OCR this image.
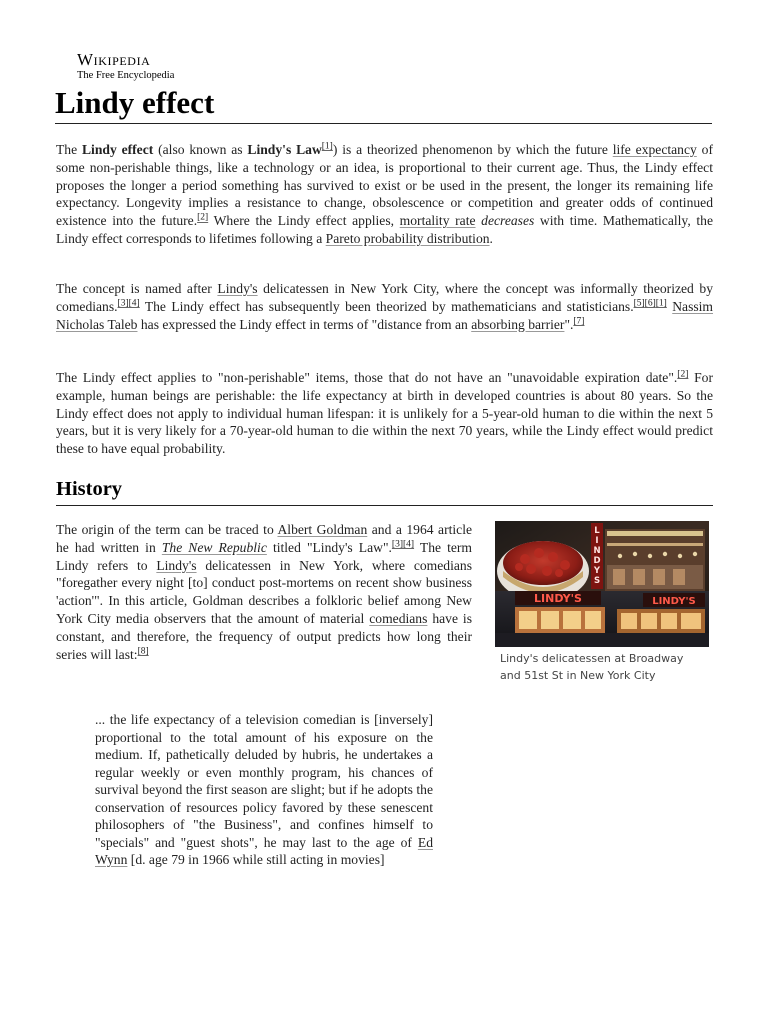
Wikipedia
The Free Encyclopedia
Lindy effect

The Lindy effect (also known as Lindy's Law[1]) is a theorized phenomenon by which the future life expectancy of some non-perishable things, like a technology or an idea, is proportional to their current age. Thus, the Lindy effect proposes the longer a period something has survived to exist or be used in the present, the longer its remaining life expectancy. Longevity implies a resistance to change, obsolescence or competition and greater odds of continued existence into the future.[2] Where the Lindy effect applies, mortality rate decreases with time. Mathematically, the Lindy effect corresponds to lifetimes following a Pareto probability distribution.

The concept is named after Lindy's delicatessen in New York City, where the concept was informally theorized by comedians.[3][4] The Lindy effect has subsequently been theorized by mathematicians and statisticians.[5][6][1] Nassim Nicholas Taleb has expressed the Lindy effect in terms of "distance from an absorbing barrier".[7]

The Lindy effect applies to "non-perishable" items, those that do not have an "unavoidable expiration date".[2] For example, human beings are perishable: the life expectancy at birth in developed countries is about 80 years. So the Lindy effect does not apply to individual human lifespan: it is unlikely for a 5-year-old human to die within the next 5 years, but it is very likely for a 70-year-old human to die within the next 70 years, while the Lindy effect would predict these to have equal probability.

History

The origin of the term can be traced to Albert Goldman and a 1964 article he had written in The New Republic titled "Lindy's Law".[3][4] The term Lindy refers to Lindy's delicatessen in New York, where comedians "foregather every night [to] conduct post-mortems on recent show business 'action'". In this article, Goldman describes a folkloric belief among New York City media observers that the amount of material comedians have is constant, and therefore, the frequency of output predicts how long their series will last:[8]

L
I
N
D
Y
S
LINDY'S	LINDY'S
Lindy's delicatessen at Broadway and 51st St in New York City
... the life expectancy of a television comedian is [inversely] proportional to the total amount of his exposure on the medium. If, pathetically deluded by hubris, he undertakes a regular weekly or even monthly program, his chances of survival beyond the first season are slight; but if he adopts the conservation of resources policy favored by these senescent philosophers of "the Business", and confines himself to "specials" and "guest shots", he may last to the age of Ed Wynn [d. age 79 in 1966 while still acting in movies]
